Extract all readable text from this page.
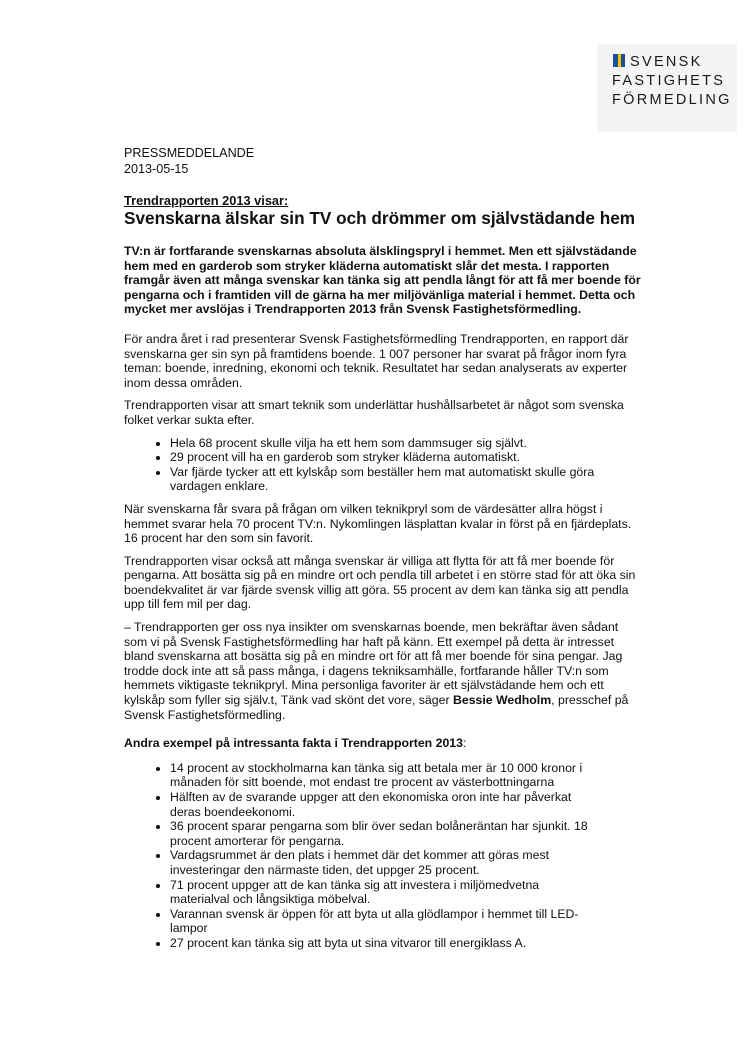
SVENSK
FASTIGHETS
FÖRMEDLING
PRESSMEDDELANDE
2013-05-15
Trendrapporten 2013 visar:
Svenskarna älskar sin TV och drömmer om självstädande hem

TV:n är fortfarande svenskarnas absoluta älsklingspryl i hemmet. Men ett självstädande hem med en garderob som stryker kläderna automatiskt slår det mesta. I rapporten framgår även att många svenskar kan tänka sig att pendla långt för att få mer boende för pengarna och i framtiden vill de gärna ha mer miljövänliga material i hemmet. Detta och mycket mer avslöjas i Trendrapporten 2013 från Svensk Fastighetsförmedling.

För andra året i rad presenterar Svensk Fastighetsförmedling Trendrapporten, en rapport där svenskarna ger sin syn på framtidens boende. 1 007 personer har svarat på frågor inom fyra teman: boende, inredning, ekonomi och teknik. Resultatet har sedan analyserats av experter inom dessa områden.

Trendrapporten visar att smart teknik som underlättar hushållsarbetet är något som svenska folket verkar sukta efter.

• Hela 68 procent skulle vilja ha ett hem som dammsuger sig självt.
• 29 procent vill ha en garderob som stryker kläderna automatiskt.
• Var fjärde tycker att ett kylskåp som beställer hem mat automatiskt skulle göra vardagen enklare.

När svenskarna får svara på frågan om vilken teknikpryl som de värdesätter allra högst i hemmet svarar hela 70 procent TV:n. Nykomlingen läsplattan kvalar in först på en fjärdeplats. 16 procent har den som sin favorit.

Trendrapporten visar också att många svenskar är villiga att flytta för att få mer boende för pengarna. Att bosätta sig på en mindre ort och pendla till arbetet i en större stad för att öka sin boendekvalitet är var fjärde svensk villig att göra. 55 procent av dem kan tänka sig att pendla upp till fem mil per dag.

– Trendrapporten ger oss nya insikter om svenskarnas boende, men bekräftar även sådant som vi på Svensk Fastighetsförmedling har haft på känn. Ett exempel på detta är intresset bland svenskarna att bosätta sig på en mindre ort för att få mer boende för sina pengar. Jag trodde dock inte att så pass många, i dagens tekniksamhälle, fortfarande håller TV:n som hemmets viktigaste teknikpryl. Mina personliga favoriter är ett självstädande hem och ett kylskåp som fyller sig själv.t, Tänk vad skönt det vore, säger Bessie Wedholm, presschef på Svensk Fastighetsförmedling.

Andra exempel på intressanta fakta i Trendrapporten 2013:
• 14 procent av stockholmarna kan tänka sig att betala mer är 10 000 kronor i månaden för sitt boende, mot endast tre procent av västerbottningarna
• Hälften av de svarande uppger att den ekonomiska oron inte har påverkat deras boendeekonomi.
• 36 procent sparar pengarna som blir över sedan bolåneräntan har sjunkit. 18 procent amorterar för pengarna.
• Vardagsrummet är den plats i hemmet där det kommer att göras mest investeringar den närmaste tiden, det uppger 25 procent.
• 71 procent uppger att de kan tänka sig att investera i miljömedvetna materialval och långsiktiga möbelval.
• Varannan svensk är öppen för att byta ut alla glödlampor i hemmet till LED-lampor
• 27 procent kan tänka sig att byta ut sina vitvaror till energiklass A.
